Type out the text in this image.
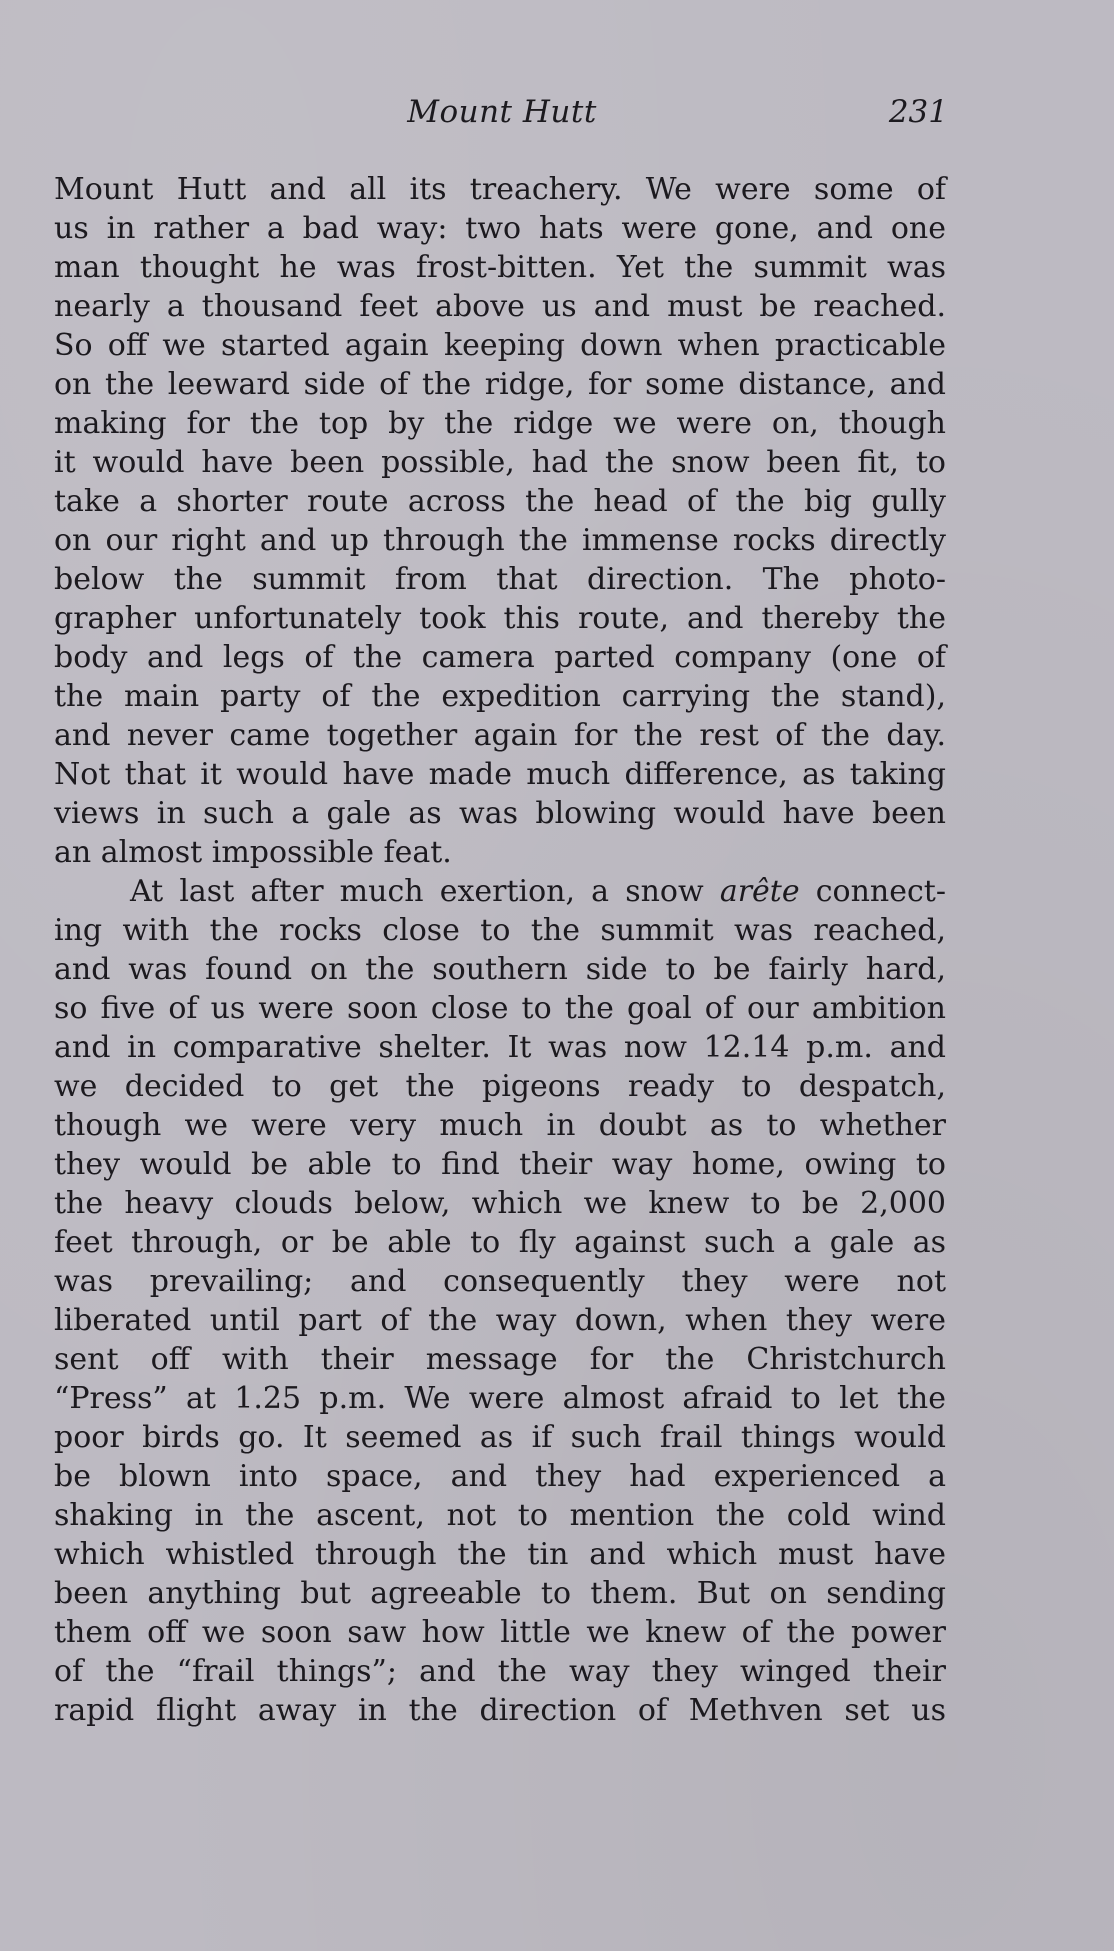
Mount Hutt	231
Mount Hutt and all its treachery. We were some of
us in rather a bad way: two hats were gone, and one
man thought he was frost-bitten. Yet the summit was
nearly a thousand feet above us and must be reached.
So off we started again keeping down when practicable
on the leeward side of the ridge, for some distance, and
making for the top by the ridge we were on, though
it would have been possible, had the snow been fit, to
take a shorter route across the head of the big gully
on our right and up through the immense rocks directly
below the summit from that direction. The photo-
grapher unfortunately took this route, and thereby the
body and legs of the camera parted company (one of
the main party of the expedition carrying the stand),
and never came together again for the rest of the day.
Not that it would have made much difference, as taking
views in such a gale as was blowing would have been
an almost impossible feat.
At last after much exertion, a snow arête connect-
ing with the rocks close to the summit was reached,
and was found on the southern side to be fairly hard,
so five of us were soon close to the goal of our ambition
and in comparative shelter. It was now 12.14 p.m. and
we decided to get the pigeons ready to despatch,
though we were very much in doubt as to whether
they would be able to find their way home, owing to
the heavy clouds below, which we knew to be 2,000
feet through, or be able to fly against such a gale as
was prevailing; and consequently they were not
liberated until part of the way down, when they were
sent off with their message for the Christchurch
“Press” at 1.25 p.m. We were almost afraid to let the
poor birds go. It seemed as if such frail things would
be blown into space, and they had experienced a
shaking in the ascent, not to mention the cold wind
which whistled through the tin and which must have
been anything but agreeable to them. But on sending
them off we soon saw how little we knew of the power
of the “frail things”; and the way they winged their
rapid flight away in the direction of Methven set us
